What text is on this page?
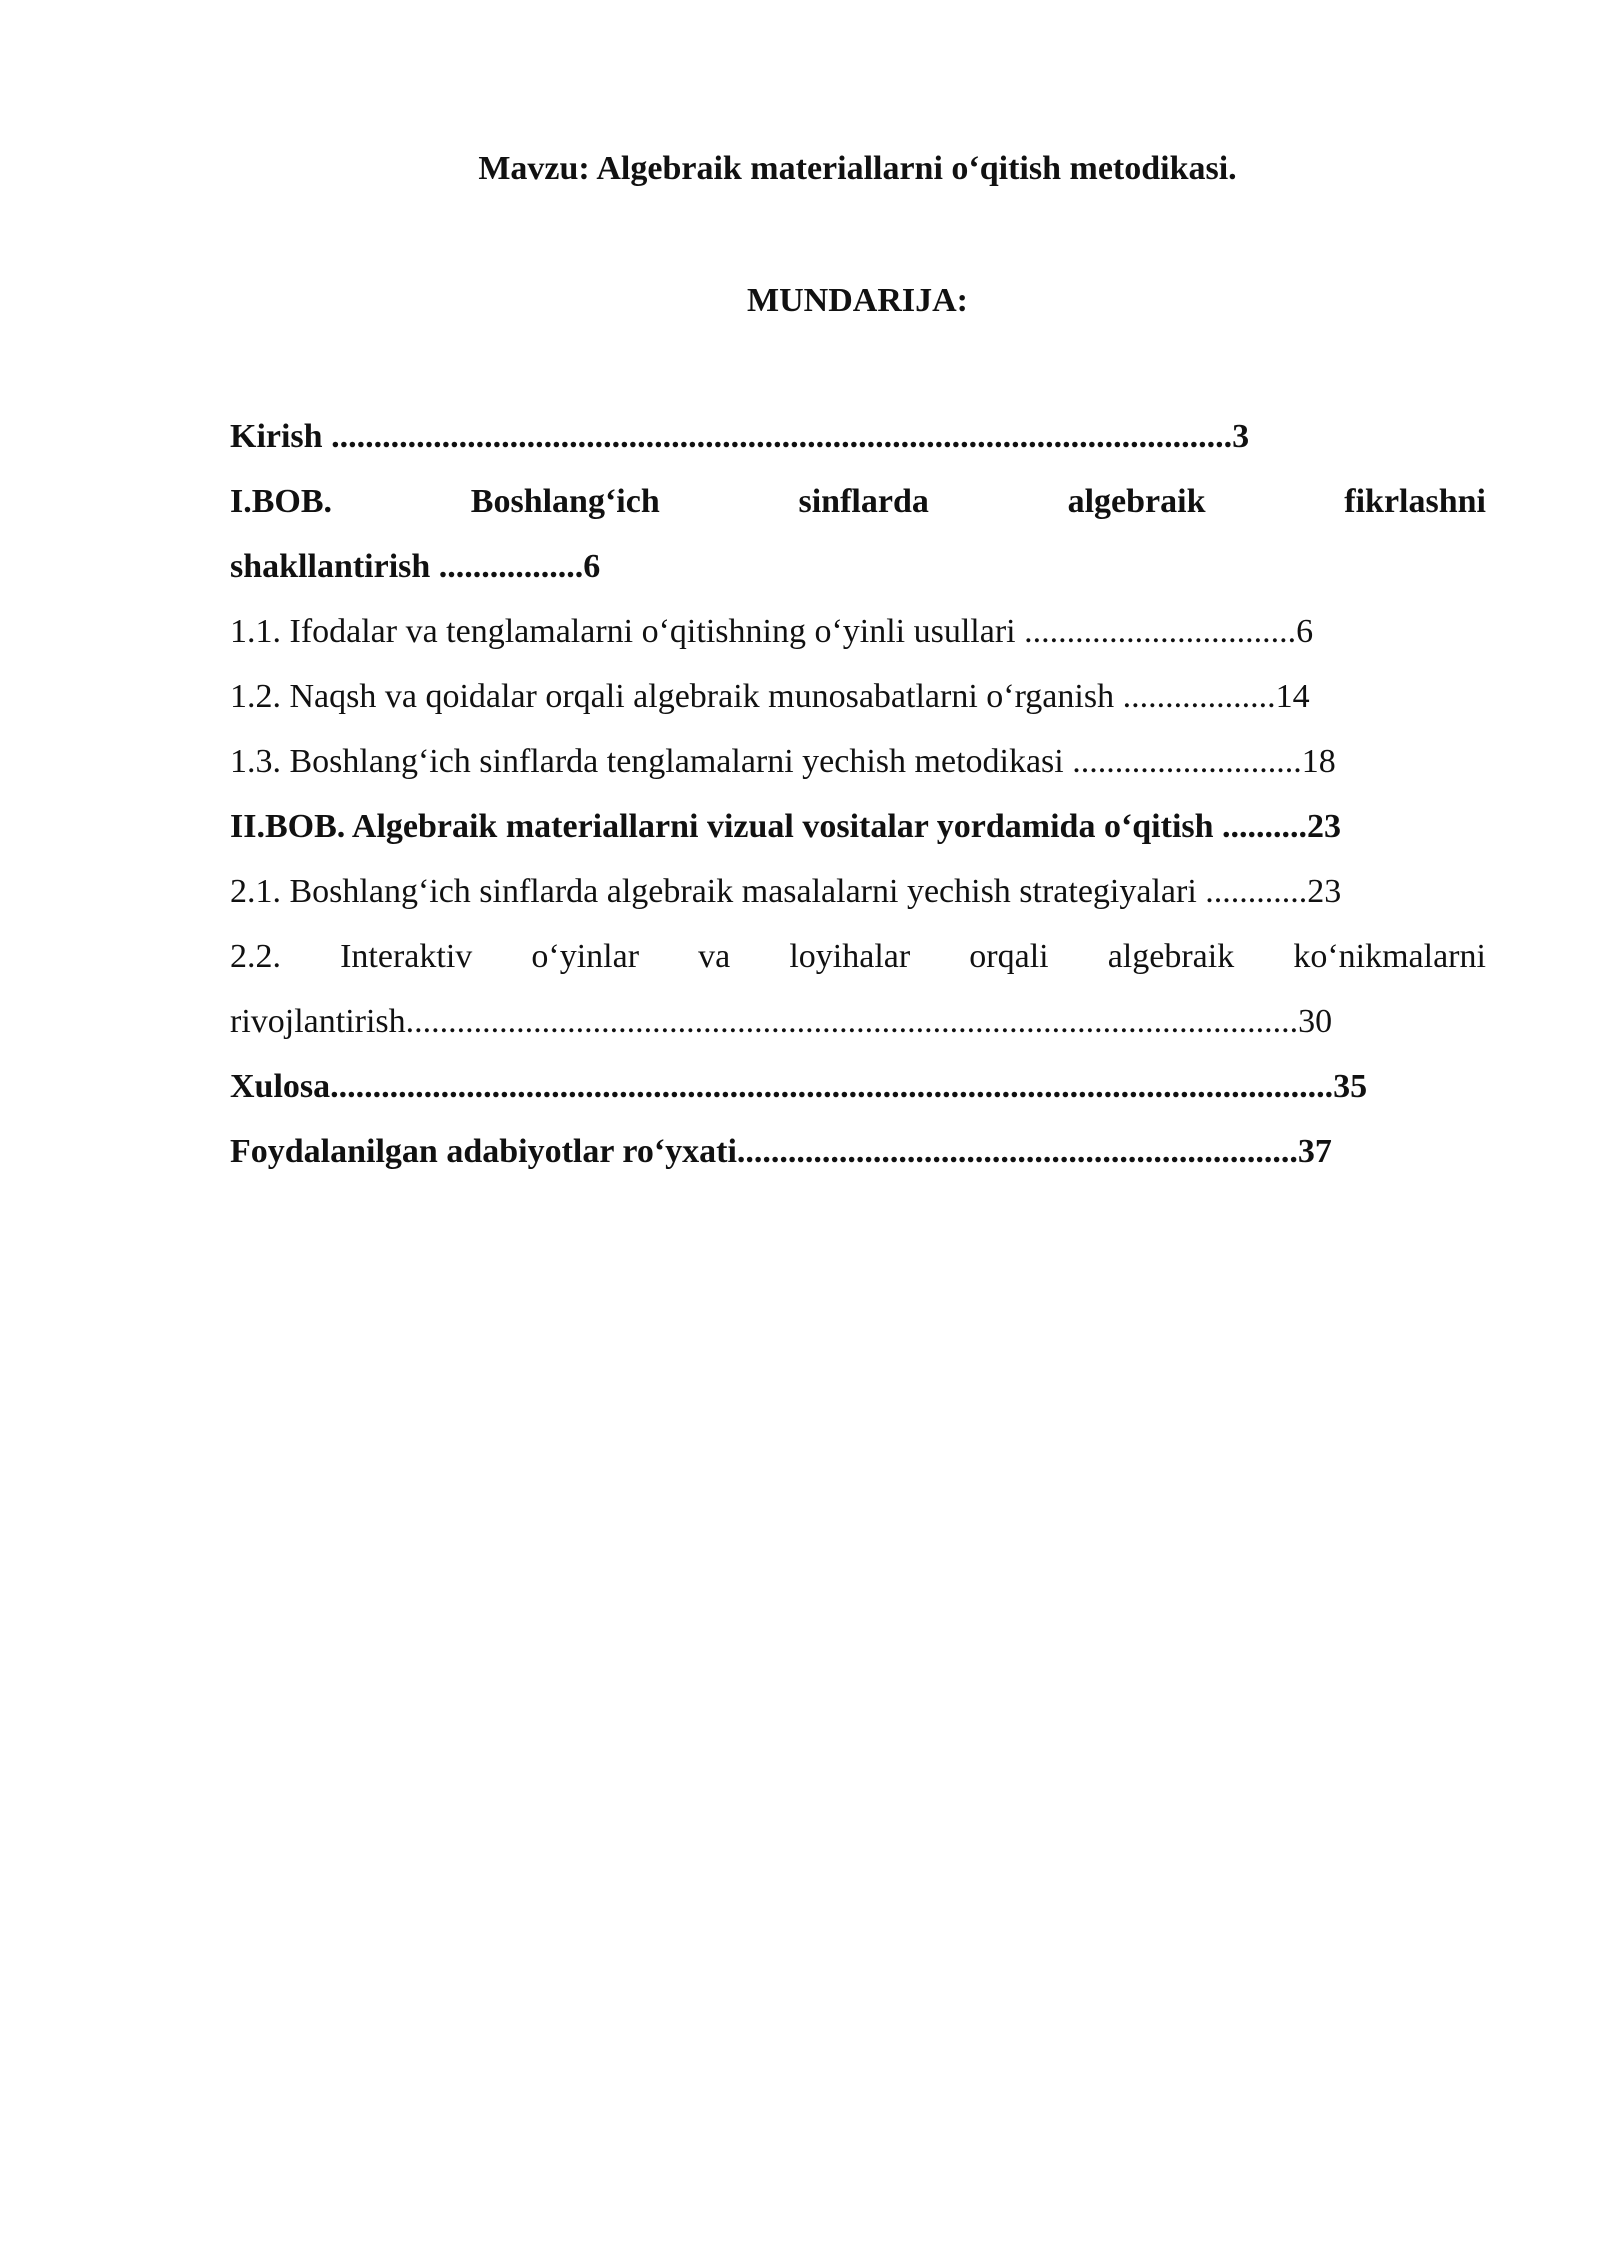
Mavzu: Algebraik materiallarni o‘qitish metodikasi.
MUNDARIJA:
Kirish ..........................................................................................................3
I.BOB.	Boshlang‘ich	sinflarda	algebraik	fikrlashni
shakllantirish .................6
1.1. Ifodalar va tenglamalarni o‘qitishning o‘yinli usullari ................................6
1.2. Naqsh va qoidalar orqali algebraik munosabatlarni o‘rganish ..................14
1.3. Boshlang‘ich sinflarda tenglamalarni yechish metodikasi ...........................18
II.BOB. Algebraik materiallarni vizual vositalar yordamida o‘qitish ..........23
2.1. Boshlang‘ich sinflarda algebraik masalalarni yechish strategiyalari ............23
2.2. Interaktiv o‘yinlar va loyihalar orqali algebraik ko‘nikmalarni
rivojlantirish.........................................................................................................30
Xulosa......................................................................................................................35
Foydalanilgan adabiyotlar ro‘yxati..................................................................37
